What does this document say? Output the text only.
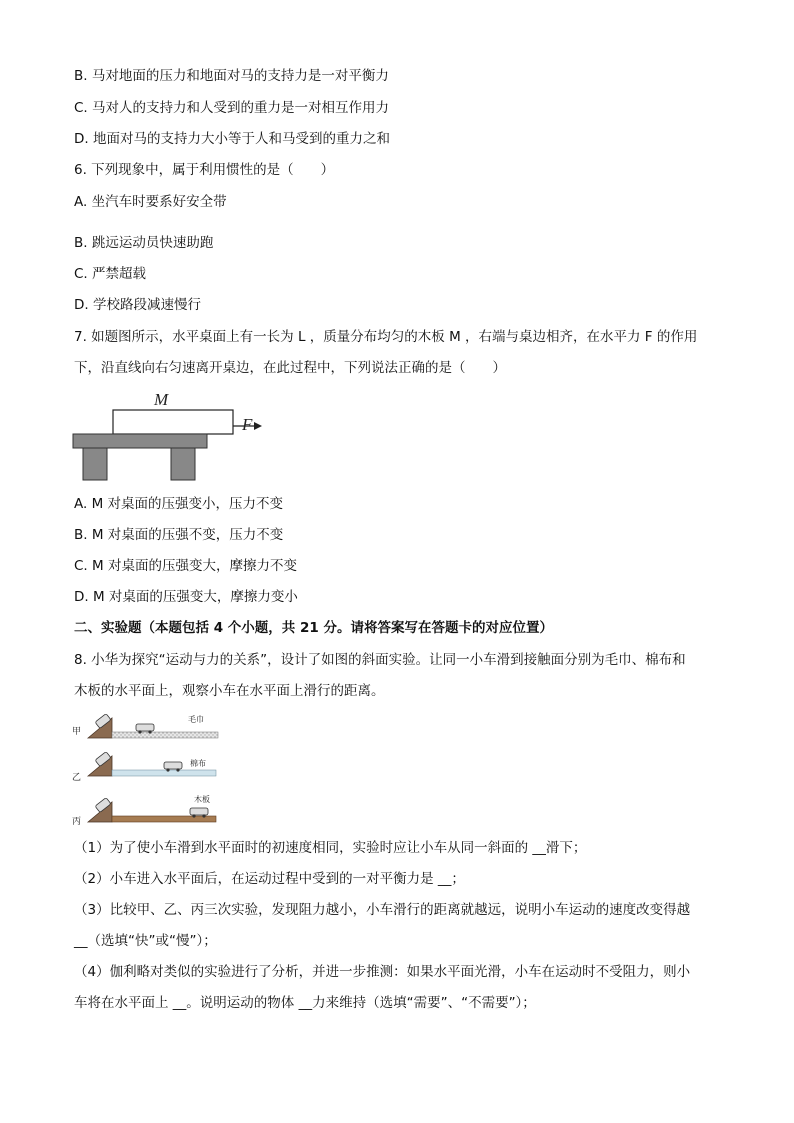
B. 马对地面的压力和地面对马的支持力是一对平衡力
C. 马对人的支持力和人受到的重力是一对相互作用力
D. 地面对马的支持力大小等于人和马受到的重力之和
6. 下列现象中，属于利用惯性的是（　　）
A. 坐汽车时要系好安全带
B. 跳远运动员快速助跑
C. 严禁超载
D. 学校路段减速慢行
7. 如题图所示，水平桌面上有一长为 L ，质量分布均匀的木板 M ，右端与桌边相齐，在水平力 F 的作用
下，沿直线向右匀速离开桌边，在此过程中，下列说法正确的是（　　）
M
F
A. M 对桌面的压强变小，压力不变
B. M 对桌面的压强不变，压力不变
C. M 对桌面的压强变大，摩擦力不变
D. M 对桌面的压强变大，摩擦力变小
二、实验题（本题包括 4 个小题，共 21 分。请将答案写在答题卡的对应位置）
8. 小华为探究“运动与力的关系”，设计了如图的斜面实验。让同一小车滑到接触面分别为毛巾、棉布和
木板的水平面上，观察小车在水平面上滑行的距离。
甲
毛巾
乙
棉布
丙
木板
（1）为了使小车滑到水平面时的初速度相同，实验时应让小车从同一斜面的 __滑下；
（2）小车进入水平面后，在运动过程中受到的一对平衡力是 __；
（3）比较甲、乙、丙三次实验，发现阻力越小，小车滑行的距离就越远，说明小车运动的速度改变得越
__（选填“快”或“慢”）；
（4）伽利略对类似的实验进行了分析，并进一步推测：如果水平面光滑，小车在运动时不受阻力，则小
车将在水平面上 __。说明运动的物体 __力来维持（选填“需要”、“不需要”）；
